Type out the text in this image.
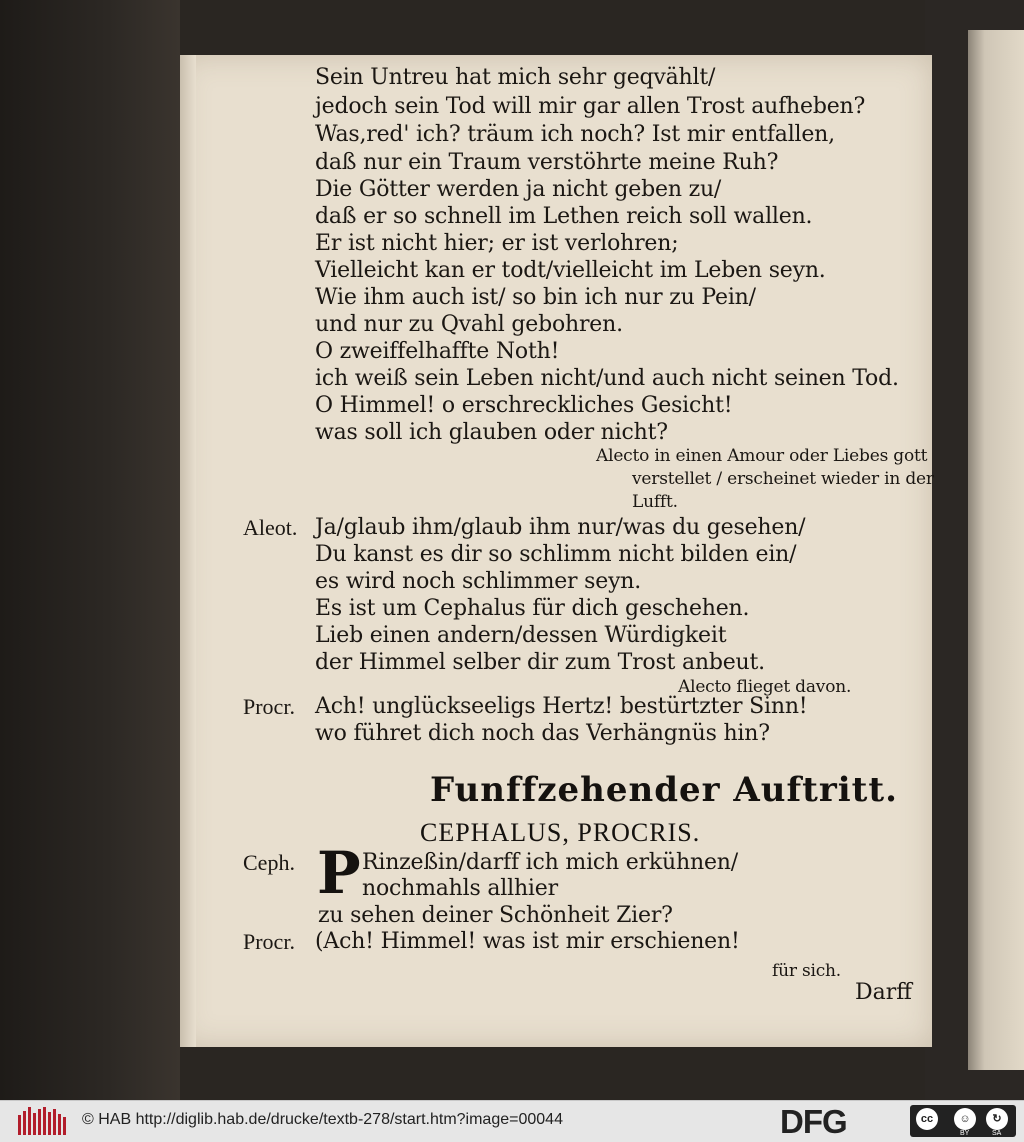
Sein Untreu hat mich sehr geqvählt/
jedoch sein Tod will mir gar allen Trost aufheben?
Was,red' ich? träum ich noch? Ist mir entfallen,
daß nur ein Traum verstöhrte meine Ruh?
Die Götter werden ja nicht geben zu/
daß er so schnell im Lethen reich soll wallen.
Er ist nicht hier; er ist verlohren;
Vielleicht kan er todt/vielleicht im Leben seyn.
Wie ihm auch ist/ so bin ich nur zu Pein/
und nur zu Qvahl gebohren.
O zweiffelhaffte Noth!
ich weiß sein Leben nicht/und auch nicht seinen Tod.
O Himmel! o erschreckliches Gesicht!
was soll ich glauben oder nicht?
Alecto in einen Amour oder Liebes gott
verstellet / erscheinet wieder in der
Lufft.
Aleot. Ja/glaub ihm/glaub ihm nur/was du gesehen/
Du kanst es dir so schlimm nicht bilden ein/
es wird noch schlimmer seyn.
Es ist um Cephalus für dich geschehen.
Lieb einen andern/dessen Würdigkeit
der Himmel selber dir zum Trost anbeut.
Alecto flieget davon.
Procr. Ach! unglückseeligs Hertz! bestürtzter Sinn!
wo führet dich noch das Verhängnüs hin?
Funffzehender Auftritt.
CEPHALUS, PROCRIS.
Ceph. P Rinzeßin/darff ich mich erkühnen/
nochmahls allhier
zu sehen deiner Schönheit Zier?
Procr. (Ach! Himmel! was ist mir erschienen!
für sich.
Darff
© HAB http://diglib.hab.de/drucke/textb-278/start.htm?image=00044	DFG	cc	☺	↻
BY	SA
